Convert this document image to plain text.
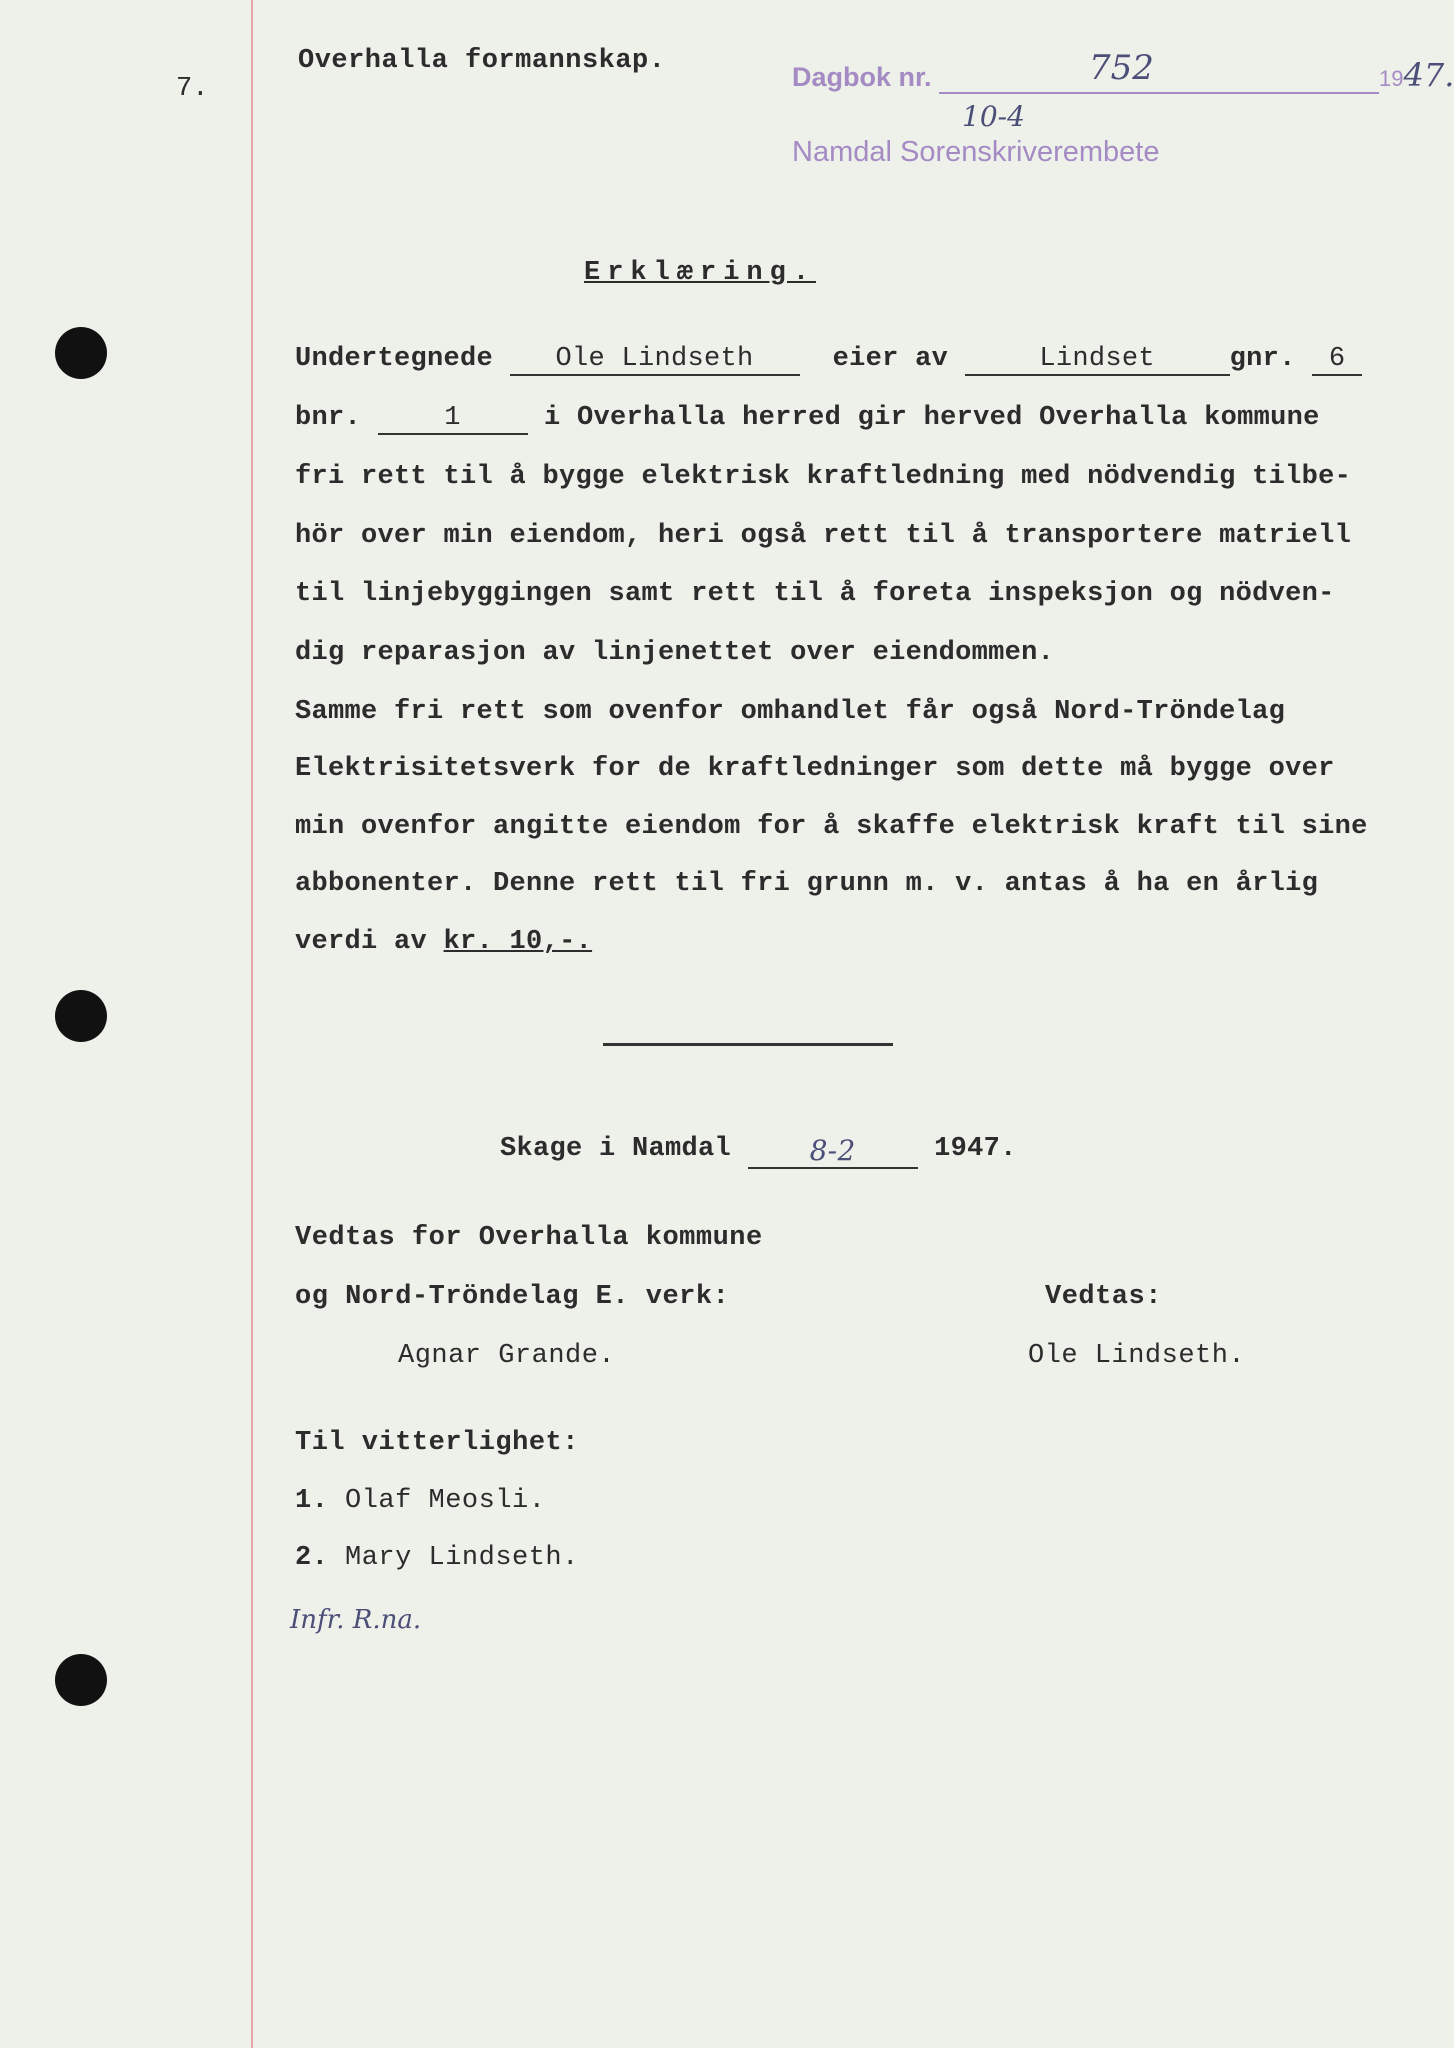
7.
Overhalla formannskap.
Dagbok nr.	752	1947.
10-4
Namdal Sorenskriverembete
Erklæring.
Undertegnede
	Ole Lindseth
	eier av
	Lindset	gnr.
	6
bnr.
	1
	i Overhalla herred gir herved Overhalla kommune
fri rett til å bygge elektrisk kraftledning med nödvendig tilbe-
hör over min eiendom, heri også rett til å transportere matriell
til linjebyggingen samt rett til å foreta inspeksjon og nödven-
dig reparasjon av linjenettet over eiendommen.
Samme fri rett som ovenfor omhandlet får også Nord-Tröndelag
Elektrisitetsverk for de kraftledninger som dette må bygge over
min ovenfor angitte eiendom for å skaffe elektrisk kraft til sine
abbonenter. Denne rett til fri grunn m. v. antas å ha en årlig
verdi av
kr. 10,-.
Skage i Namdal
	8-2
	1947.
Vedtas for Overhalla kommune
og Nord-Tröndelag E. verk:
Agnar Grande.
Vedtas:
Ole Lindseth.
Til vitterlighet:
1. Olaf Meosli.
2. Mary Lindseth.
Infr. R.na.
